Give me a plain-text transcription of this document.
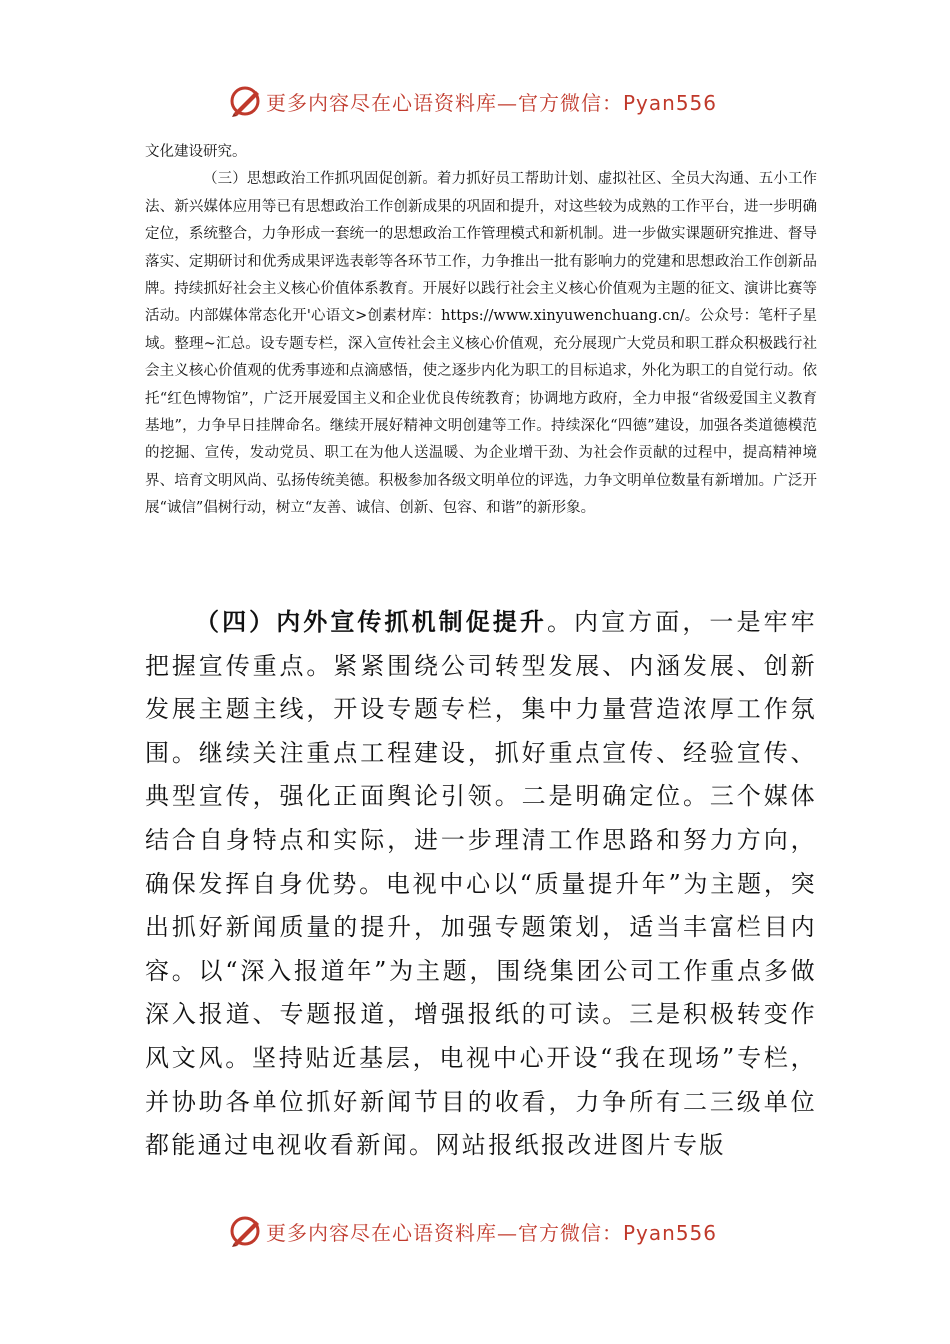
更多内容尽在心语资料库—官方微信：Pyan556

文化建设研究。

（三）思想政治工作抓巩固促创新。着力抓好员工帮助计划、虚拟社区、全员大沟通、五小工作法、新兴媒体应用等已有思想政治工作创新成果的巩固和提升，对这些较为成熟的工作平台，进一步明确定位，系统整合，力争形成一套统一的思想政治工作管理模式和新机制。进一步做实课题研究推进、督导落实、定期研讨和优秀成果评选表彰等各环节工作，力争推出一批有影响力的党建和思想政治工作创新品牌。持续抓好社会主义核心价值体系教育。开展好以践行社会主义核心价值观为主题的征文、演讲比赛等活动。内部媒体常态化开'心语文>创素材库：https://www.xinyuwenchuang.cn/。公众号：笔杆子星域。整理~汇总。设专题专栏，深入宣传社会主义核心价值观，充分展现广大党员和职工群众积极践行社会主义核心价值观的优秀事迹和点滴感悟，使之逐步内化为职工的目标追求，外化为职工的自觉行动。依托“红色博物馆”，广泛开展爱国主义和企业优良传统教育；协调地方政府，全力申报“省级爱国主义教育基地”，力争早日挂牌命名。继续开展好精神文明创建等工作。持续深化“四德”建设，加强各类道德模范的挖掘、宣传，发动党员、职工在为他人送温暖、为企业增干劲、为社会作贡献的过程中，提高精神境界、培育文明风尚、弘扬传统美德。积极参加各级文明单位的评选，力争文明单位数量有新增加。广泛开展“诚信”倡树行动，树立“友善、诚信、创新、包容、和谐”的新形象。

（四）内外宣传抓机制促提升。内宣方面，一是牢牢把握宣传重点。紧紧围绕公司转型发展、内涵发展、创新发展主题主线，开设专题专栏，集中力量营造浓厚工作氛围。继续关注重点工程建设，抓好重点宣传、经验宣传、典型宣传，强化正面舆论引领。二是明确定位。三个媒体结合自身特点和实际，进一步理清工作思路和努力方向，确保发挥自身优势。电视中心以“质量提升年”为主题，突出抓好新闻质量的提升，加强专题策划，适当丰富栏目内容。以“深入报道年”为主题，围绕集团公司工作重点多做深入报道、专题报道，增强报纸的可读。三是积极转变作风文风。坚持贴近基层，电视中心开设“我在现场”专栏，并协助各单位抓好新闻节目的收看，力争所有二三级单位都能通过电视收看新闻。网站报纸报改进图片专版

更多内容尽在心语资料库—官方微信：Pyan556
